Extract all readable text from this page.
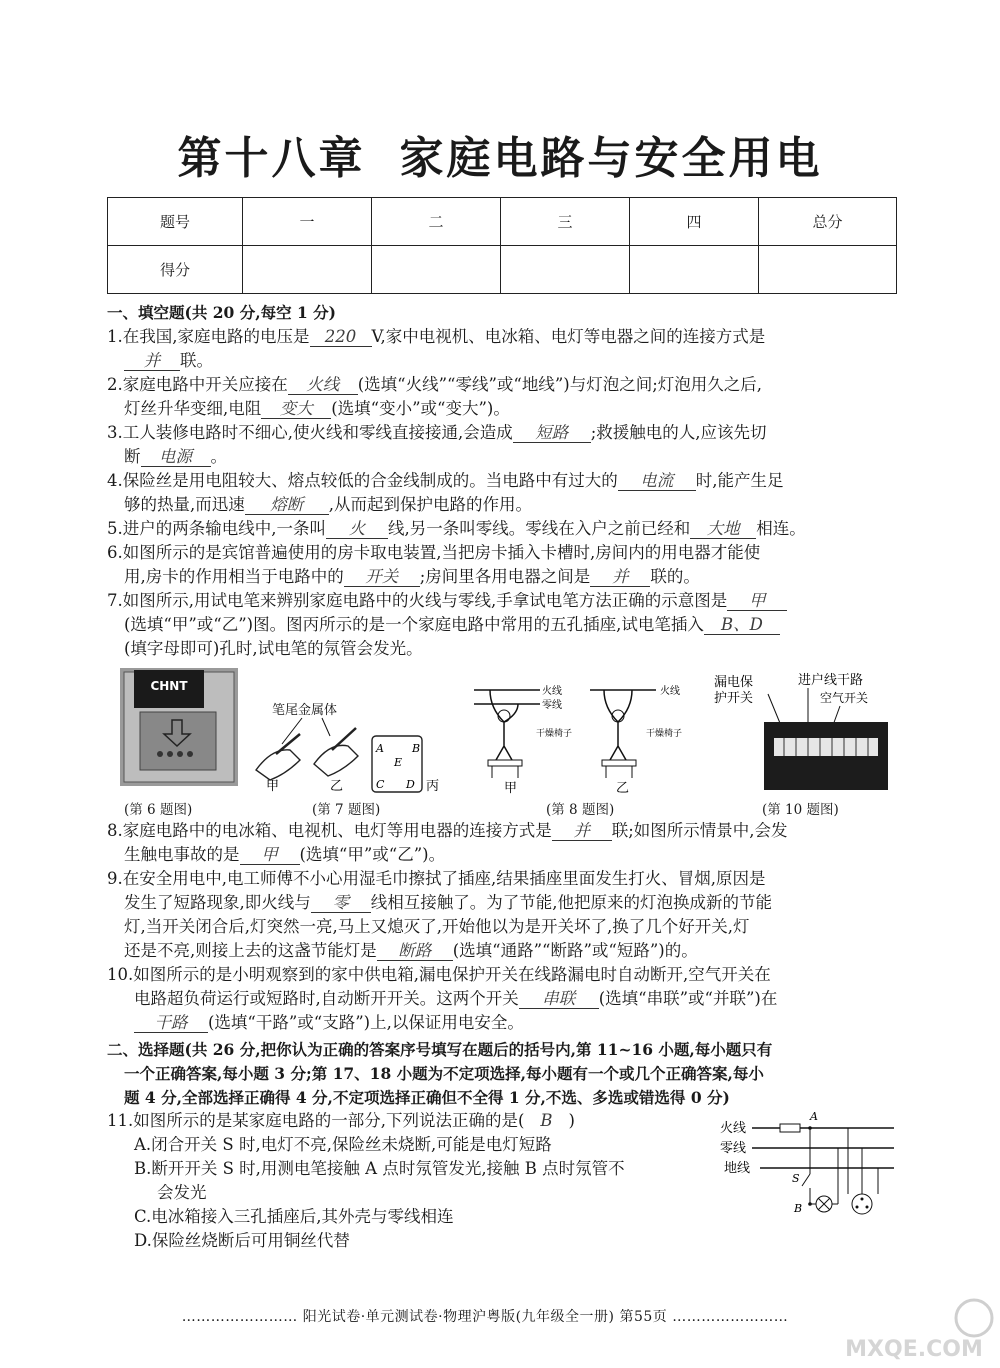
第十八章 家庭电路与安全用电
题号	一	二	三	四	总分
得分					
一、填空题(共 20 分,每空 1 分)
1.在我国,家庭电路的电压是 220 V,家中电视机、电冰箱、电灯等电器之间的连接方式是
并 联。
2.家庭电路中开关应接在 火线 (选填“火线”“零线”或“地线”)与灯泡之间;灯泡用久之后,
灯丝升华变细,电阻 变大 (选填“变小”或“变大”)。
3.工人装修电路时不细心,使火线和零线直接接通,会造成 短路 ;救援触电的人,应该先切
断 电源 。
4.保险丝是用电阻较大、熔点较低的合金线制成的。当电路中有过大的 电流 时,能产生足
够的热量,而迅速 熔断 ,从而起到保护电路的作用。
5.进户的两条输电线中,一条叫 火 线,另一条叫零线。零线在入户之前已经和 大地 相连。
6.如图所示的是宾馆普遍使用的房卡取电装置,当把房卡插入卡槽时,房间内的用电器才能使
用,房卡的作用相当于电路中的 开关 ;房间里各用电器之间是 并 联的。
7.如图所示,用试电笔来辨别家庭电路中的火线与零线,手拿试电笔方法正确的示意图是 甲
(选填“甲”或“乙”)图。图丙所示的是一个家庭电路中常用的五孔插座,试电笔插入 B、D
(填字母即可)孔时,试电笔的氖管会发光。
CHNT
笔尾金属体
甲	乙
A	B
E
C D 丙
火线
零线
干燥椅子
甲
火线
干燥椅子
乙
漏电保
护开关
进户线干路
空气开关
(第 6 题图)	(第 7 题图)	(第 8 题图)	(第 10 题图)
8.家庭电路中的电冰箱、电视机、电灯等用电器的连接方式是 并 联;如图所示情景中,会发
生触电事故的是 甲 (选填“甲”或“乙”)。
9.在安全用电中,电工师傅不小心用湿毛巾擦拭了插座,结果插座里面发生打火、冒烟,原因是
发生了短路现象,即火线与 零 线相互接触了。为了节能,他把原来的灯泡换成新的节能
灯,当开关闭合后,灯突然一亮,马上又熄灭了,开始他以为是开关坏了,换了几个好开关,灯
还是不亮,则接上去的这盏节能灯是 断路 (选填“通路”“断路”或“短路”)的。
10.如图所示的是小明观察到的家中供电箱,漏电保护开关在线路漏电时自动断开,空气开关在
电路超负荷运行或短路时,自动断开开关。这两个开关 串联 (选填“串联”或“并联”)在
干路 (选填“干路”或“支路”)上,以保证用电安全。
二、选择题(共 26 分,把你认为正确的答案序号填写在题后的括号内,第 11~16 小题,每小题只有
一个正确答案,每小题 3 分;第 17、18 小题为不定项选择,每小题有一个或几个正确答案,每小
题 4 分,全部选择正确得 4 分,不定项选择正确但不全得 1 分,不选、多选或错选得 0 分)
11.如图所示的是某家庭电路的一部分,下列说法正确的是( B )
A.闭合开关 S 时,电灯不亮,保险丝未烧断,可能是电灯短路
B.断开开关 S 时,用测电笔接触 A 点时氖管发光,接触 B 点时氖管不
会发光
C.电冰箱接入三孔插座后,其外壳与零线相连
D.保险丝烧断后可用铜丝代替
火线
零线
地线
A
S
B
…………………… 阳光试卷·单元测试卷·物理沪粤版(九年级全一册) 第55页 ……………………
MXQE.COM
